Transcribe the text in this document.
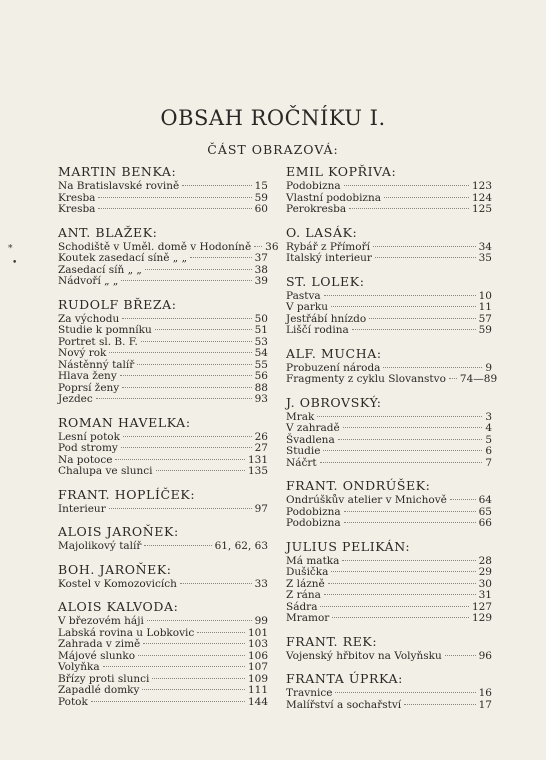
OBSAH ROČNÍKU I.
ČÁST OBRAZOVÁ:
MARTIN BENKA:
Na Bratislavské rovině	15
Kresba	59
Kresba	60
ANT. BLAŽEK:
Schodiště v Uměl. domě v Hodoníně 36
Koutek zasedací síně „ „	37
Zasedací síň „ „	38
Nádvoří „ „	39
RUDOLF BŘEZA:
Za východu	50
Studie k pomníku	51
Portret sl. B. F.	53
Nový rok	54
Nástěnný talíř	55
Hlava ženy	56
Poprsí ženy	88
Jezdec	93
ROMAN HAVELKA:
Lesní potok	26
Pod stromy	27
Na potoce	131
Chalupa ve slunci	135
FRANT. HOPLÍČEK:
Interieur	97
ALOIS JAROŇEK:
Majolikový talíř	61, 62, 63
BOH. JAROŇEK:
Kostel v Komozovicích	33
ALOIS KALVODA:
V březovém háji	99
Labská rovina u Lobkovic	101
Zahrada v zimě	103
Májové slunko	106
Volyňka	107
Břízy proti slunci	109
Zapadlé domky	111
Potok	144
EMIL KOPŘIVA:
Podobizna	123
Vlastní podobizna	124
Perokresba	125
O. LASÁK:
Rybář z Přímoří	34
Italský interieur	35
ST. LOLEK:
Pastva	10
V parku	11
Jestřábí hnízdo	57
Liščí rodina	59
ALF. MUCHA:
Probuzení národa	9
Fragmenty z cyklu Slovanstvo 74—89
J. OBROVSKÝ:
Mrak	3
V zahradě	4
Švadlena	5
Studie	6
Náčrt	7
FRANT. ONDRÚŠEK:
Ondrúškův atelier v Mnichově	64
Podobizna	65
Podobizna	66
JULIUS PELIKÁN:
Má matka	28
Dušička	29
Z lázně	30
Z rána	31
Sádra	127
Mramor	129
FRANT. REK:
Vojenský hřbitov na Volyňsku	96
FRANTA ÚPRKA:
Travnice	16
Malířství a sochařství	17
*
•
